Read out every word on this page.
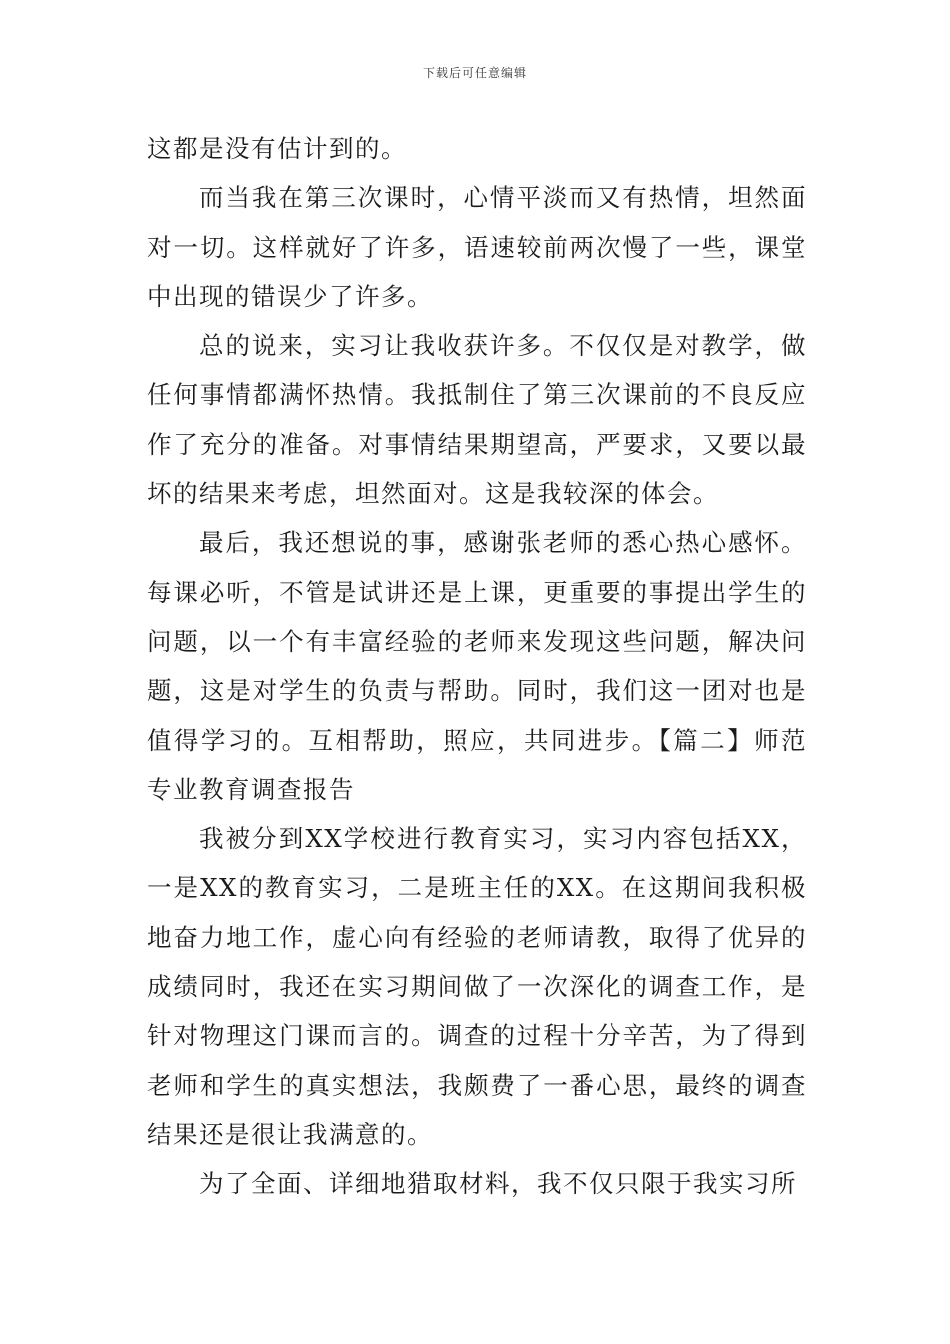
下载后可任意编辑

这都是没有估计到的。

而当我在第三次课时，心情平淡而又有热情，坦然面对一切。这样就好了许多，语速较前两次慢了一些，课堂中出现的错误少了许多。

总的说来，实习让我收获许多。不仅仅是对教学，做任何事情都满怀热情。我抵制住了第三次课前的不良反应作了充分的准备。对事情结果期望高，严要求，又要以最坏的结果来考虑，坦然面对。这是我较深的体会。

最后，我还想说的事，感谢张老师的悉心热心感怀。每课必听，不管是试讲还是上课，更重要的事提出学生的问题，以一个有丰富经验的老师来发现这些问题，解决问题，这是对学生的负责与帮助。同时，我们这一团对也是值得学习的。互相帮助，照应，共同进步。【篇二】师范专业教育调查报告

我被分到XX学校进行教育实习，实习内容包括XX，一是XX的教育实习，二是班主任的XX。在这期间我积极地奋力地工作，虚心向有经验的老师请教，取得了优异的成绩同时，我还在实习期间做了一次深化的调查工作，是针对物理这门课而言的。调查的过程十分辛苦，为了得到老师和学生的真实想法，我颇费了一番心思，最终的调查结果还是很让我满意的。

为了全面、详细地猎取材料，我不仅只限于我实习所
